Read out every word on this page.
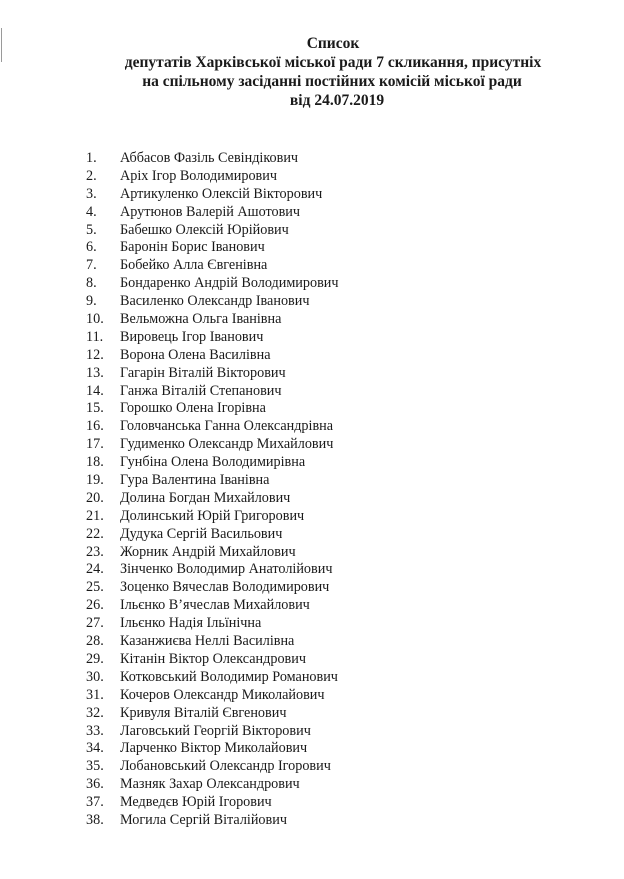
Список
депутатів Харківської міської ради 7 скликання, присутніх
на спільному засіданні постійних комісій міської ради
від 24.07.2019
1. Аббасов Фазіль Севіндікович
2. Аріх Ігор Володимирович
3. Артикуленко Олексій Вікторович
4. Арутюнов Валерій Ашотович
5. Бабешко Олексій Юрійович
6. Баронін Борис Іванович
7. Бобейко Алла Євгенівна
8. Бондаренко Андрій Володимирович
9. Василенко Олександр Іванович
10. Вельможна Ольга Іванівна
11. Вировець Ігор Іванович
12. Ворона Олена Василівна
13. Гагарін Віталій Вікторович
14. Ганжа Віталій Степанович
15. Горошко Олена Ігорівна
16. Головчанська Ганна Олександрівна
17. Гудименко Олександр Михайлович
18. Гунбіна Олена Володимирівна
19. Гура Валентина Іванівна
20. Долина Богдан Михайлович
21. Долинський Юрій Григорович
22. Дудука Сергій Васильович
23. Жорник Андрій Михайлович
24. Зінченко Володимир Анатолійович
25. Зоценко Вячеслав Володимирович
26. Ільєнко В’ячеслав Михайлович
27. Ільєнко Надія Ільїнічна
28. Казанжиєва Неллі Василівна
29. Кітанін Віктор Олександрович
30. Котковський Володимир Романович
31. Кочеров Олександр Миколайович
32. Кривуля Віталій Євгенович
33. Лаговський Георгій Вікторович
34. Ларченко Віктор Миколайович
35. Лобановський Олександр Ігорович
36. Мазняк Захар Олександрович
37. Медведєв Юрій Ігорович
38. Могила Сергій Віталійович
